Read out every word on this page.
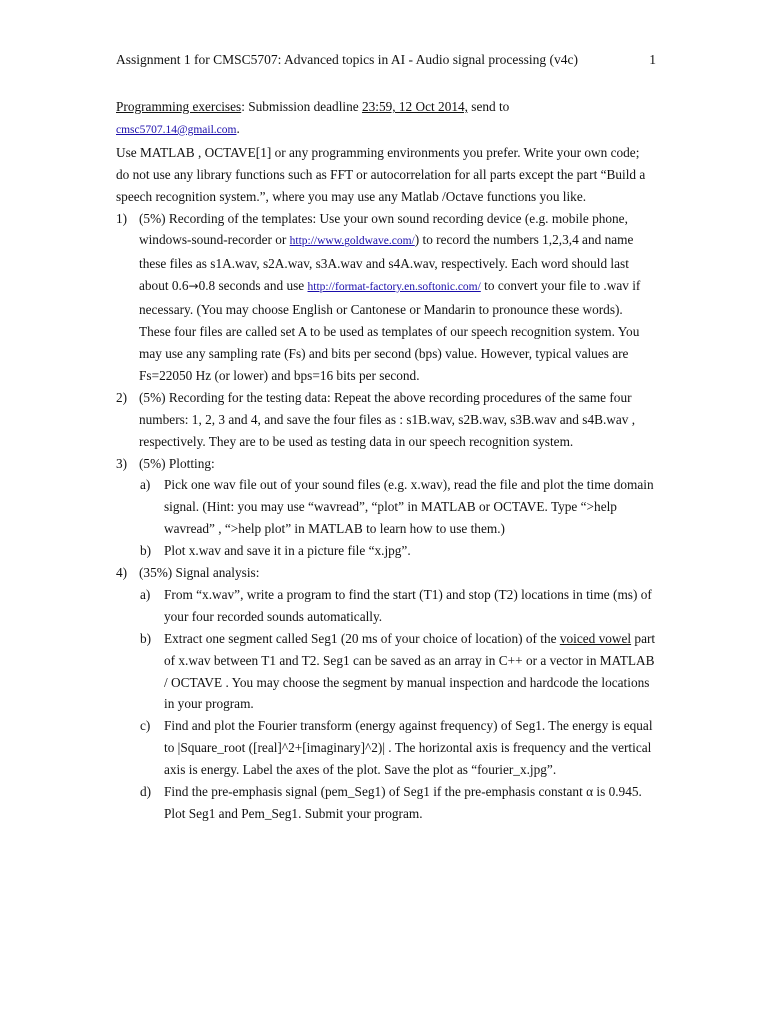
Assignment 1 for CMSC5707: Advanced topics in AI - Audio signal processing (v4c)	1

Programming exercises: Submission deadline 23:59, 12 Oct 2014, send to

cmsc5707.14@gmail.com.

Use MATLAB , OCTAVE[1] or any programming environments you prefer. Write your own code; do not use any library functions such as FFT or autocorrelation for all parts except the part “Build a speech recognition system.”, where you may use any Matlab /Octave functions you like.

1) (5%) Recording of the templates: Use your own sound recording device (e.g. mobile phone, windows-sound-recorder or http://www.goldwave.com/) to record the numbers 1,2,3,4 and name these files as s1A.wav, s2A.wav, s3A.wav and s4A.wav, respectively. Each word should last about 0.6→0.8 seconds and use http://format-factory.en.softonic.com/ to convert your file to .wav if necessary. (You may choose English or Cantonese or Mandarin to pronounce these words). These four files are called set A to be used as templates of our speech recognition system. You may use any sampling rate (Fs) and bits per second (bps) value. However, typical values are Fs=22050 Hz (or lower) and bps=16 bits per second.
2) (5%) Recording for the testing data: Repeat the above recording procedures of the same four numbers: 1, 2, 3 and 4, and save the four files as : s1B.wav, s2B.wav, s3B.wav and s4B.wav , respectively. They are to be used as testing data in our speech recognition system.
3) (5%) Plotting:
a) Pick one wav file out of your sound files (e.g. x.wav), read the file and plot the time domain signal. (Hint: you may use “wavread”, “plot” in MATLAB or OCTAVE. Type “>help wavread” , “>help plot” in MATLAB to learn how to use them.)
b) Plot x.wav and save it in a picture file “x.jpg”.
4) (35%) Signal analysis:
a) From “x.wav”, write a program to find the start (T1) and stop (T2) locations in time (ms) of your four recorded sounds automatically.
b) Extract one segment called Seg1 (20 ms of your choice of location) of the voiced vowel part of x.wav between T1 and T2. Seg1 can be saved as an array in C++ or a vector in MATLAB / OCTAVE . You may choose the segment by manual inspection and hardcode the locations in your program.
c) Find and plot the Fourier transform (energy against frequency) of Seg1. The energy is equal to |Square_root ([real]^2+[imaginary]^2)| . The horizontal axis is frequency and the vertical axis is energy. Label the axes of the plot. Save the plot as “fourier_x.jpg”.
d) Find the pre-emphasis signal (pem_Seg1) of Seg1 if the pre-emphasis constant α is 0.945. Plot Seg1 and Pem_Seg1. Submit your program.
